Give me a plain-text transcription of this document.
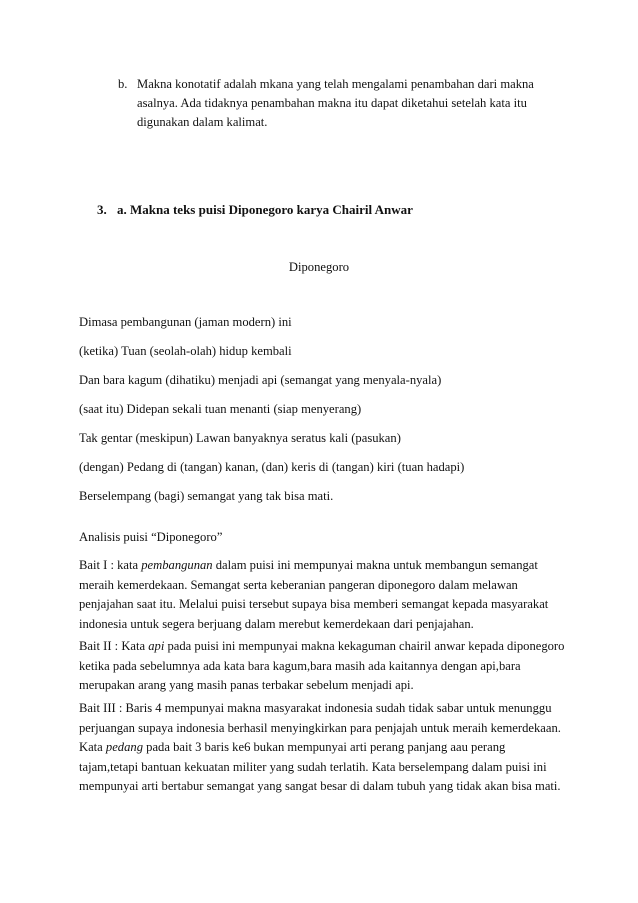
b. Makna konotatif adalah mkana yang telah mengalami penambahan dari makna asalnya. Ada tidaknya penambahan makna itu dapat diketahui setelah kata itu digunakan dalam kalimat.
3. a. Makna teks puisi Diponegoro karya Chairil Anwar
Diponegoro
Dimasa pembangunan (jaman modern) ini
(ketika) Tuan (seolah-olah) hidup kembali
Dan bara kagum (dihatiku) menjadi api (semangat yang menyala-nyala)
(saat itu) Didepan sekali tuan menanti (siap menyerang)
Tak gentar (meskipun) Lawan banyaknya seratus kali (pasukan)
(dengan) Pedang di (tangan) kanan, (dan) keris di (tangan) kiri (tuan hadapi)
Berselempang (bagi) semangat yang tak bisa mati.
Analisis puisi “Diponegoro”
Bait I : kata pembangunan dalam puisi ini mempunyai makna untuk membangun semangat meraih kemerdekaan. Semangat serta keberanian pangeran diponegoro dalam melawan penjajahan saat itu. Melalui puisi tersebut supaya bisa memberi semangat kepada masyarakat indonesia untuk segera berjuang dalam merebut kemerdekaan dari penjajahan.
Bait II : Kata api pada puisi ini mempunyai makna kekaguman chairil anwar kepada diponegoro ketika pada sebelumnya ada kata bara kagum,bara masih ada kaitannya dengan api,bara merupakan arang yang masih panas terbakar sebelum menjadi api.
Bait III : Baris 4 mempunyai makna masyarakat indonesia sudah tidak sabar untuk menunggu perjuangan supaya indonesia berhasil menyingkirkan para penjajah untuk meraih kemerdekaan. Kata pedang pada bait 3 baris ke6 bukan mempunyai arti perang panjang aau perang tajam,tetapi bantuan kekuatan militer yang sudah terlatih. Kata berselempang dalam puisi ini mempunyai arti bertabur semangat yang sangat besar di dalam tubuh yang tidak akan bisa mati.
